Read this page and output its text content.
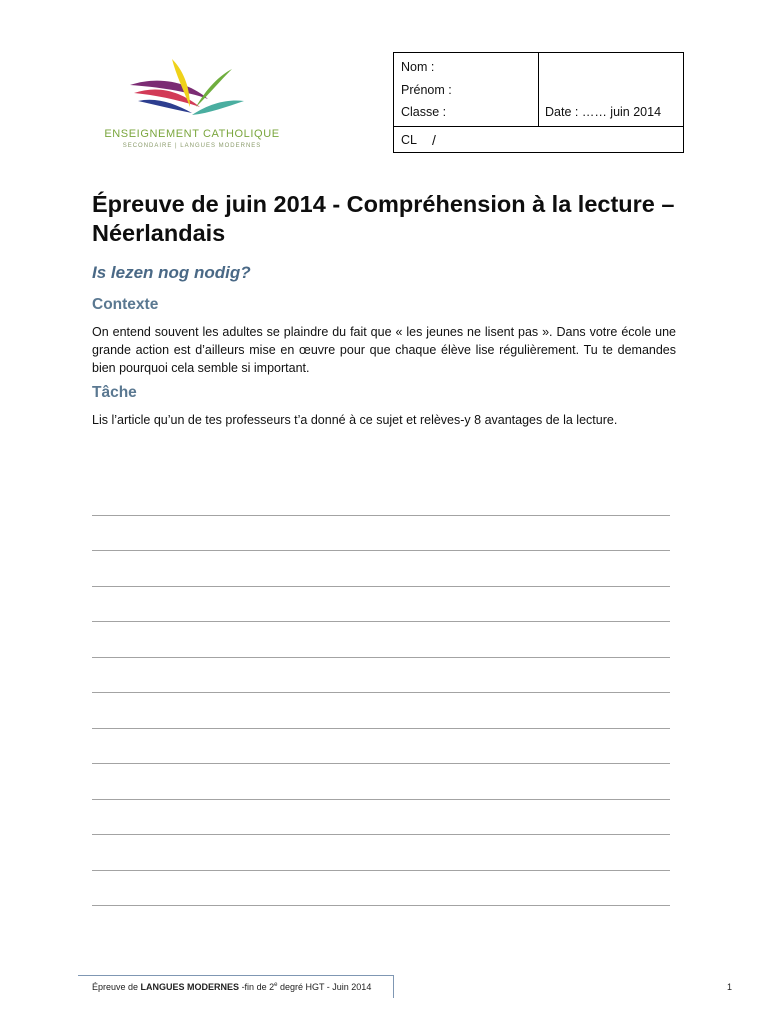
ENSEIGNEMENT CATHOLIQUE
SECONDAIRE | LANGUES MODERNES
Nom :
Prénom :
Classe :	Date : …… juin 2014
CL /
Épreuve de juin 2014 - Compréhension à la lecture – Néerlandais
Is lezen nog nodig?
Contexte

On entend souvent les adultes se plaindre du fait que « les jeunes ne lisent pas ». Dans votre école une grande action est d’ailleurs mise en œuvre pour que chaque élève lise régulièrement. Tu te demandes bien pourquoi cela semble si important.

Tâche

Lis l’article qu’un de tes professeurs t’a donné à ce sujet et relèves-y 8 avantages de la lecture.

Épreuve de LANGUES MODERNES -fin de 2e degré HGT - Juin 2014	1
